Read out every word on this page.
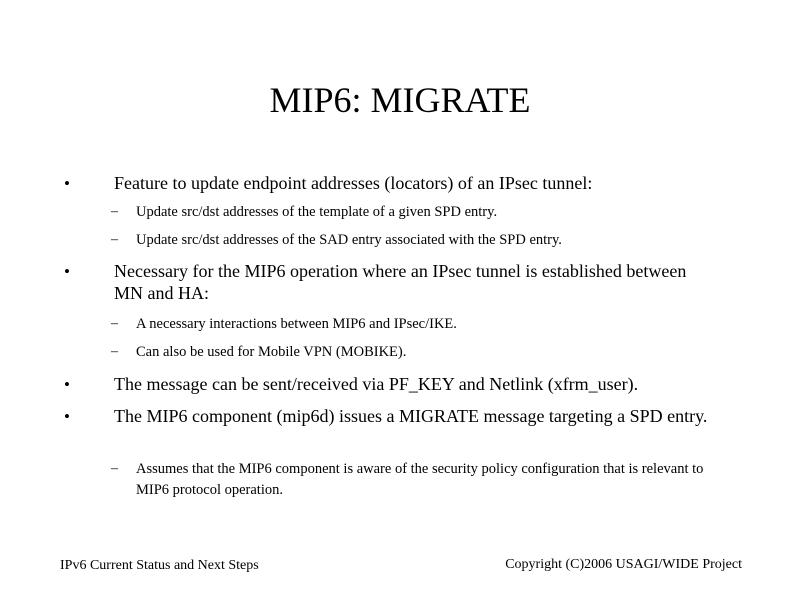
MIP6: MIGRATE
• Feature to update endpoint addresses (locators) of an IPsec tunnel:
– Update src/dst addresses of the template of a given SPD entry.
– Update src/dst addresses of the SAD entry associated with the SPD entry.
• Necessary for the MIP6 operation where an IPsec tunnel is established between MN and HA:
– A necessary interactions between MIP6 and IPsec/IKE.
– Can also be used for Mobile VPN (MOBIKE).
• The message can be sent/received via PF_KEY and Netlink (xfrm_user).
• The MIP6 component (mip6d) issues a MIGRATE message targeting a SPD entry.
– Assumes that the MIP6 component is aware of the security policy configuration that is relevant to MIP6 protocol operation.
IPv6 Current Status and Next Steps	Copyright (C)2006 USAGI/WIDE Project
